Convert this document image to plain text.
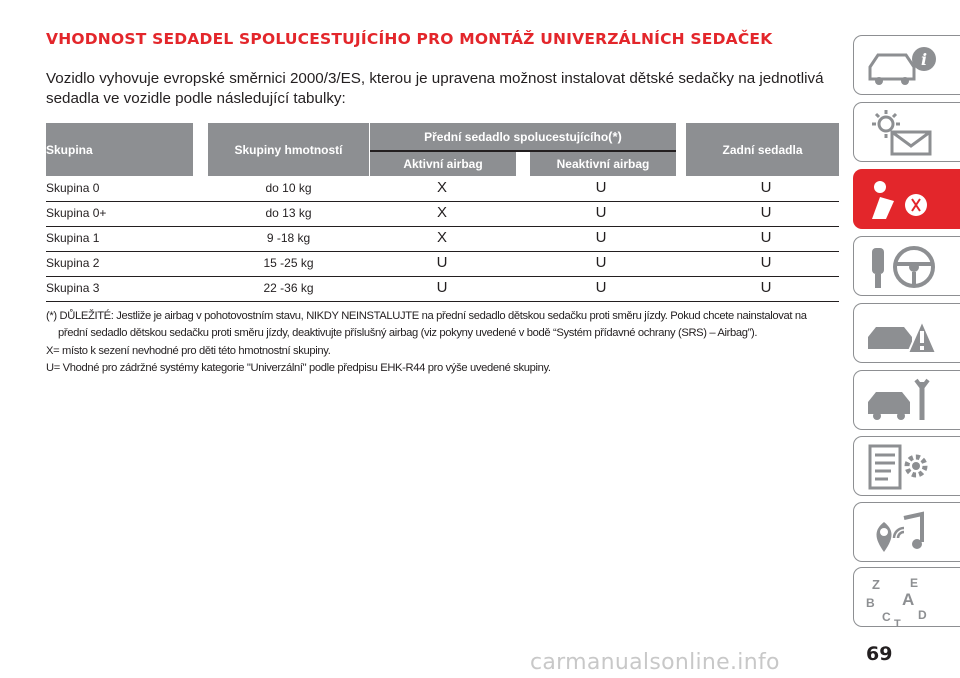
VHODNOST SEDADEL SPOLUCESTUJÍCÍHO PRO MONTÁŽ UNIVERZÁLNÍCH SEDAČEK
Vozidlo vyhovuje evropské směrnici 2000/3/ES, kterou je upravena možnost instalovat dětské sedačky na jednotlivá sedadla ve vozidle podle následující tabulky:
Skupina	Skupiny hmotností
Přední sedadlo spolucestujícího (*)
Aktivní airbag	Neaktivní airbag
Zadní sedadla
Skupina 0	do 10 kg	X	U	U
Skupina 0+	do 13 kg	X	U	U
Skupina 1	9 -18 kg	X	U	U
Skupina 2	15 -25 kg	U	U	U
Skupina 3	22 -36 kg	U	U	U
(*) DŮLEŽITÉ: Jestliže je airbag v pohotovostním stavu, NIKDY NEINSTALUJTE na přední sedadlo dětskou sedačku proti směru jízdy. Pokud chcete nainstalovat na
přední sedadlo dětskou sedačku proti směru jízdy, deaktivujte příslušný airbag (viz pokyny uvedené v bodě “Systém přídavné ochrany (SRS) – Airbag”).
X= místo k sezení nevhodné pro děti této hmotnostní skupiny.
U= Vhodné pro zádržné systémy kategorie "Univerzální" podle předpisu EHK-R44 pro výše uvedené skupiny.
i
Z	E
B A
C D
T
carmanualsonline.info	69
